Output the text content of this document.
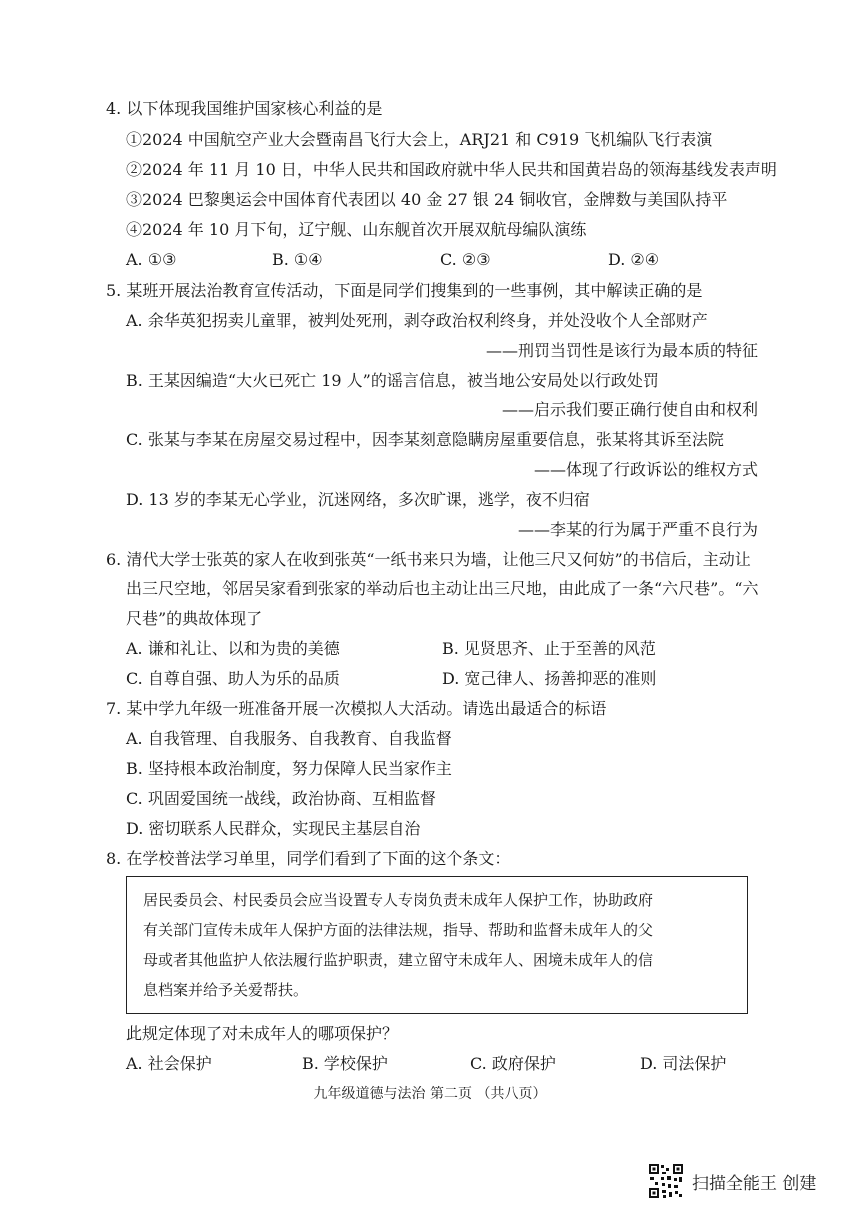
4. 以下体现我国维护国家核心利益的是
①2024 中国航空产业大会暨南昌飞行大会上，ARJ21 和 C919 飞机编队飞行表演
②2024 年 11 月 10 日，中华人民共和国政府就中华人民共和国黄岩岛的领海基线发表声明
③2024 巴黎奥运会中国体育代表团以 40 金 27 银 24 铜收官，金牌数与美国队持平
④2024 年 10 月下旬，辽宁舰、山东舰首次开展双航母编队演练
A. ①③	B. ①④	C. ②③	D. ②④
5. 某班开展法治教育宣传活动，下面是同学们搜集到的一些事例，其中解读正确的是
A. 余华英犯拐卖儿童罪，被判处死刑，剥夺政治权利终身，并处没收个人全部财产
——刑罚当罚性是该行为最本质的特征
B. 王某因编造“大火已死亡 19 人”的谣言信息，被当地公安局处以行政处罚
——启示我们要正确行使自由和权利
C. 张某与李某在房屋交易过程中，因李某刻意隐瞒房屋重要信息，张某将其诉至法院
——体现了行政诉讼的维权方式
D. 13 岁的李某无心学业，沉迷网络，多次旷课，逃学，夜不归宿
——李某的行为属于严重不良行为
6. 清代大学士张英的家人在收到张英“一纸书来只为墙，让他三尺又何妨”的书信后，主动让
出三尺空地，邻居吴家看到张家的举动后也主动让出三尺地，由此成了一条“六尺巷”。“六
尺巷”的典故体现了
A. 谦和礼让、以和为贵的美德	B. 见贤思齐、止于至善的风范
C. 自尊自强、助人为乐的品质	D. 宽己律人、扬善抑恶的准则
7. 某中学九年级一班准备开展一次模拟人大活动。请选出最适合的标语
A. 自我管理、自我服务、自我教育、自我监督
B. 坚持根本政治制度，努力保障人民当家作主
C. 巩固爱国统一战线，政治协商、互相监督
D. 密切联系人民群众，实现民主基层自治
8. 在学校普法学习单里，同学们看到了下面的这个条文：
居民委员会、村民委员会应当设置专人专岗负责未成年人保护工作，协助政府
有关部门宣传未成年人保护方面的法律法规，指导、帮助和监督未成年人的父
母或者其他监护人依法履行监护职责，建立留守未成年人、困境未成年人的信
息档案并给予关爱帮扶。
此规定体现了对未成年人的哪项保护？
A. 社会保护	B. 学校保护	C. 政府保护	D. 司法保护
九年级道德与法治 第二页 （共八页）
扫描全能王 创建
